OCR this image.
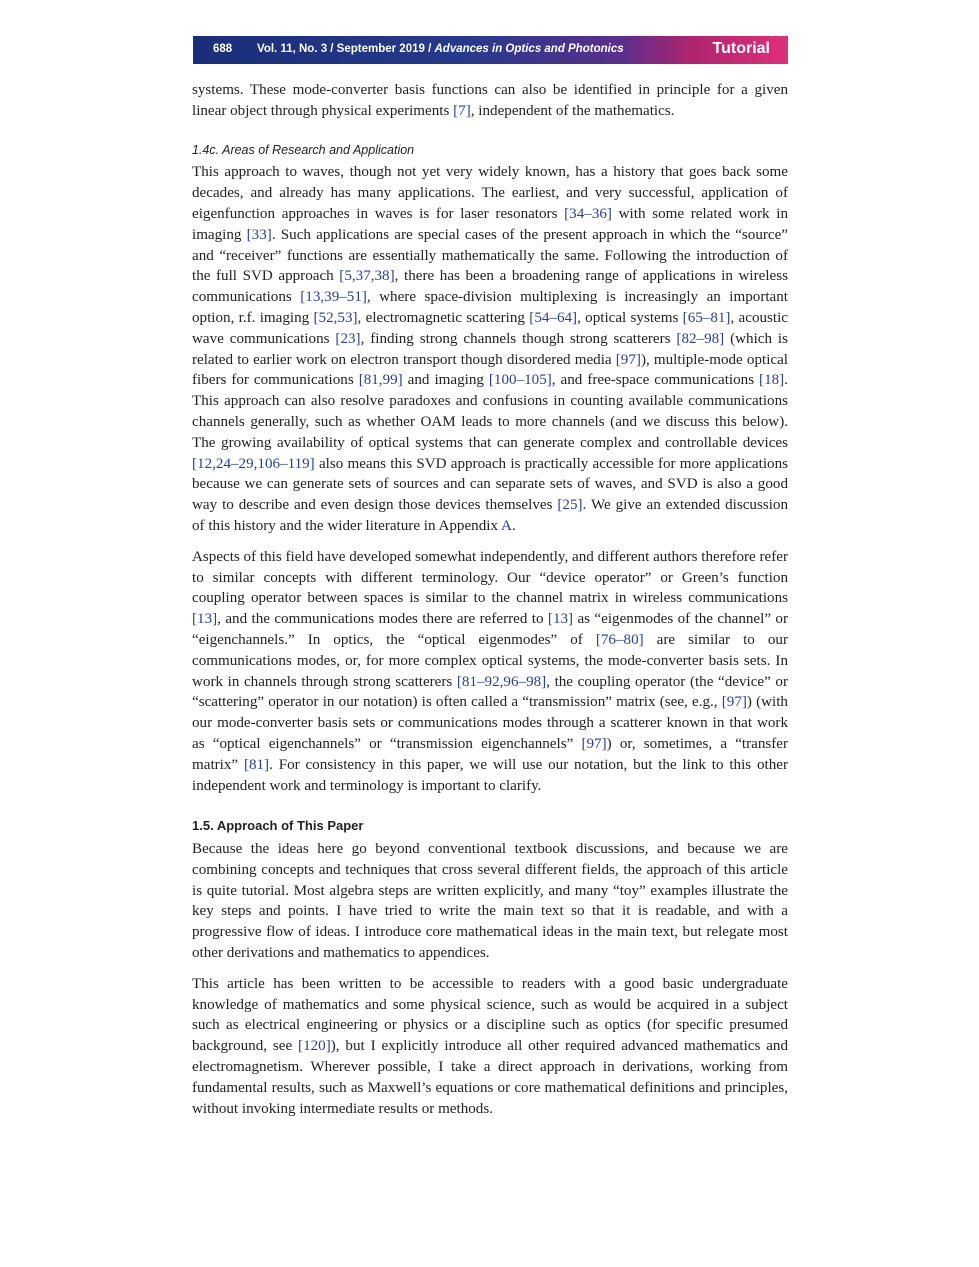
688 Vol. 11, No. 3 / September 2019 / Advances in Optics and Photonics	Tutorial

systems. These mode-converter basis functions can also be identified in principle for a given linear object through physical experiments [7], independent of the mathematics.

1.4c. Areas of Research and Application

This approach to waves, though not yet very widely known, has a history that goes back some decades, and already has many applications. The earliest, and very successful, application of eigenfunction approaches in waves is for laser resonators [34–36] with some related work in imaging [33]. Such applications are special cases of the present approach in which the “source” and “receiver” functions are essentially mathematically the same. Following the introduction of the full SVD approach [5,37,38], there has been a broadening range of applications in wireless communications [13,39–51], where space-division multiplexing is increasingly an important option, r.f. imaging [52,53], electromagnetic scattering [54–64], optical systems [65–81], acoustic wave communications [23], finding strong channels though strong scatterers [82–98] (which is related to earlier work on electron transport though disordered media [97]), multiple-mode optical fibers for communications [81,99] and imaging [100–105], and free-space communications [18]. This approach can also resolve paradoxes and confusions in counting available communications channels generally, such as whether OAM leads to more channels (and we discuss this below). The growing availability of optical systems that can generate complex and controllable devices [12,24–29,106–119] also means this SVD approach is practically accessible for more applications because we can generate sets of sources and can separate sets of waves, and SVD is also a good way to describe and even design those devices themselves [25]. We give an extended discussion of this history and the wider literature in Appendix A.

Aspects of this field have developed somewhat independently, and different authors therefore refer to similar concepts with different terminology. Our “device operator” or Green’s function coupling operator between spaces is similar to the channel matrix in wireless communications [13], and the communications modes there are referred to [13] as “eigenmodes of the channel” or “eigenchannels.” In optics, the “optical eigenmodes” of [76–80] are similar to our communications modes, or, for more complex optical systems, the mode-converter basis sets. In work in channels through strong scatterers [81–92,96–98], the coupling operator (the “device” or “scattering” operator in our notation) is often called a “transmission” matrix (see, e.g., [97]) (with our mode-converter basis sets or communications modes through a scatterer known in that work as “optical eigenchannels” or “transmission eigenchannels” [97]) or, sometimes, a “transfer matrix” [81]. For consistency in this paper, we will use our notation, but the link to this other independent work and terminology is important to clarify.

1.5. Approach of This Paper

Because the ideas here go beyond conventional textbook discussions, and because we are combining concepts and techniques that cross several different fields, the approach of this article is quite tutorial. Most algebra steps are written explicitly, and many “toy” examples illustrate the key steps and points. I have tried to write the main text so that it is readable, and with a progressive flow of ideas. I introduce core mathematical ideas in the main text, but relegate most other derivations and mathematics to appendices.

This article has been written to be accessible to readers with a good basic undergraduate knowledge of mathematics and some physical science, such as would be acquired in a subject such as electrical engineering or physics or a discipline such as optics (for specific presumed background, see [120]), but I explicitly introduce all other required advanced mathematics and electromagnetism. Wherever possible, I take a direct approach in derivations, working from fundamental results, such as Maxwell’s equations or core mathematical definitions and principles, without invoking intermediate results or methods.
